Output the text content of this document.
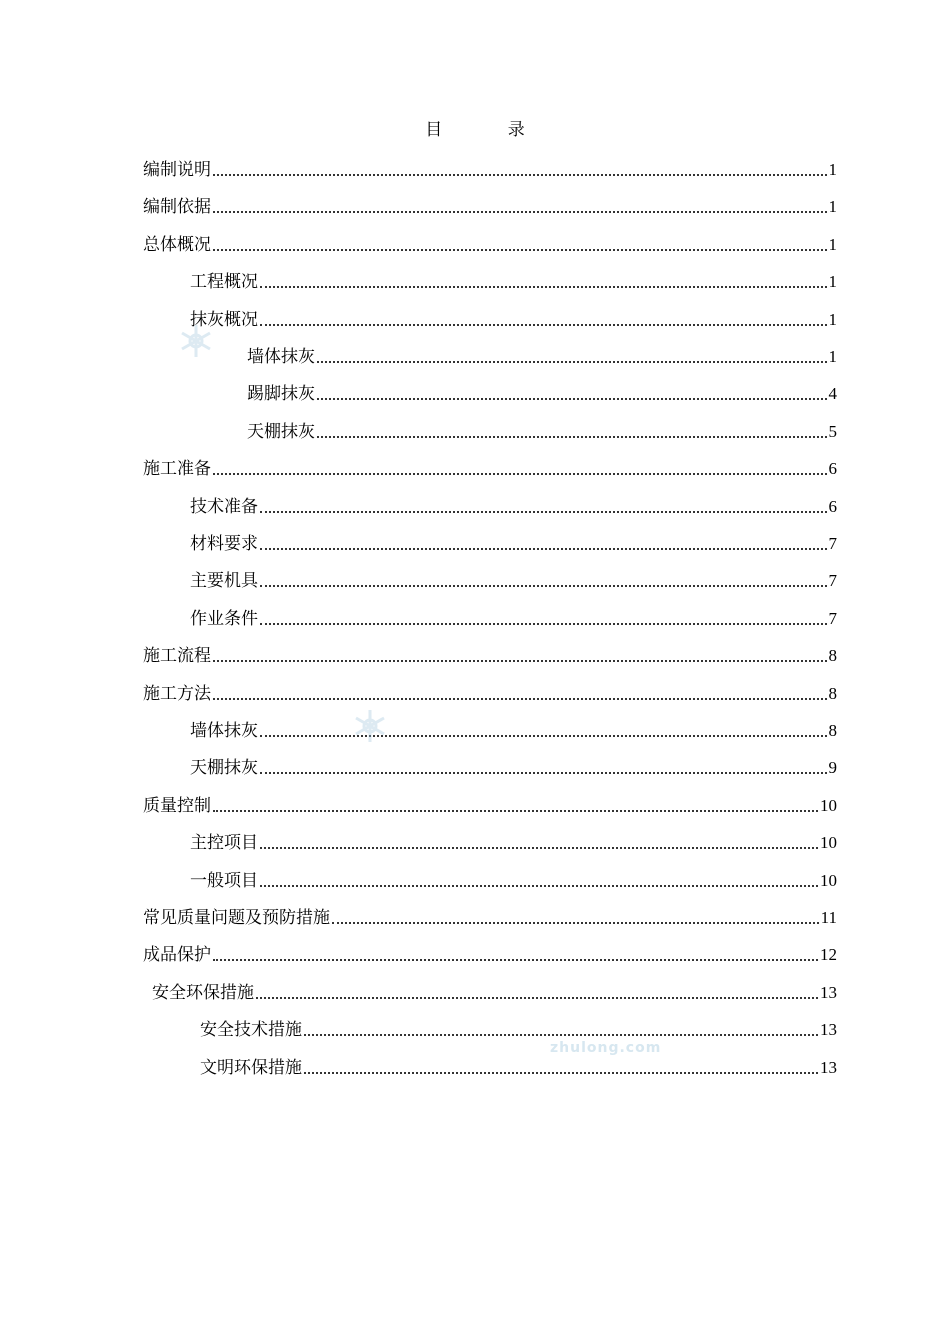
目 录
编制说明	1
编制依据	1
总体概况	1
工程概况	1
抹灰概况	1
墙体抹灰	1
踢脚抹灰	4
天棚抹灰	5
施工准备	6
技术准备	6
材料要求	7
主要机具	7
作业条件	7
施工流程	8
施工方法	8
墙体抹灰	8
天棚抹灰	9
质量控制	10
主控项目	10
一般项目	10
常见质量问题及预防措施	11
成品保护	12
安全环保措施	13
安全技术措施	13
文明环保措施	13
zhulong.com
